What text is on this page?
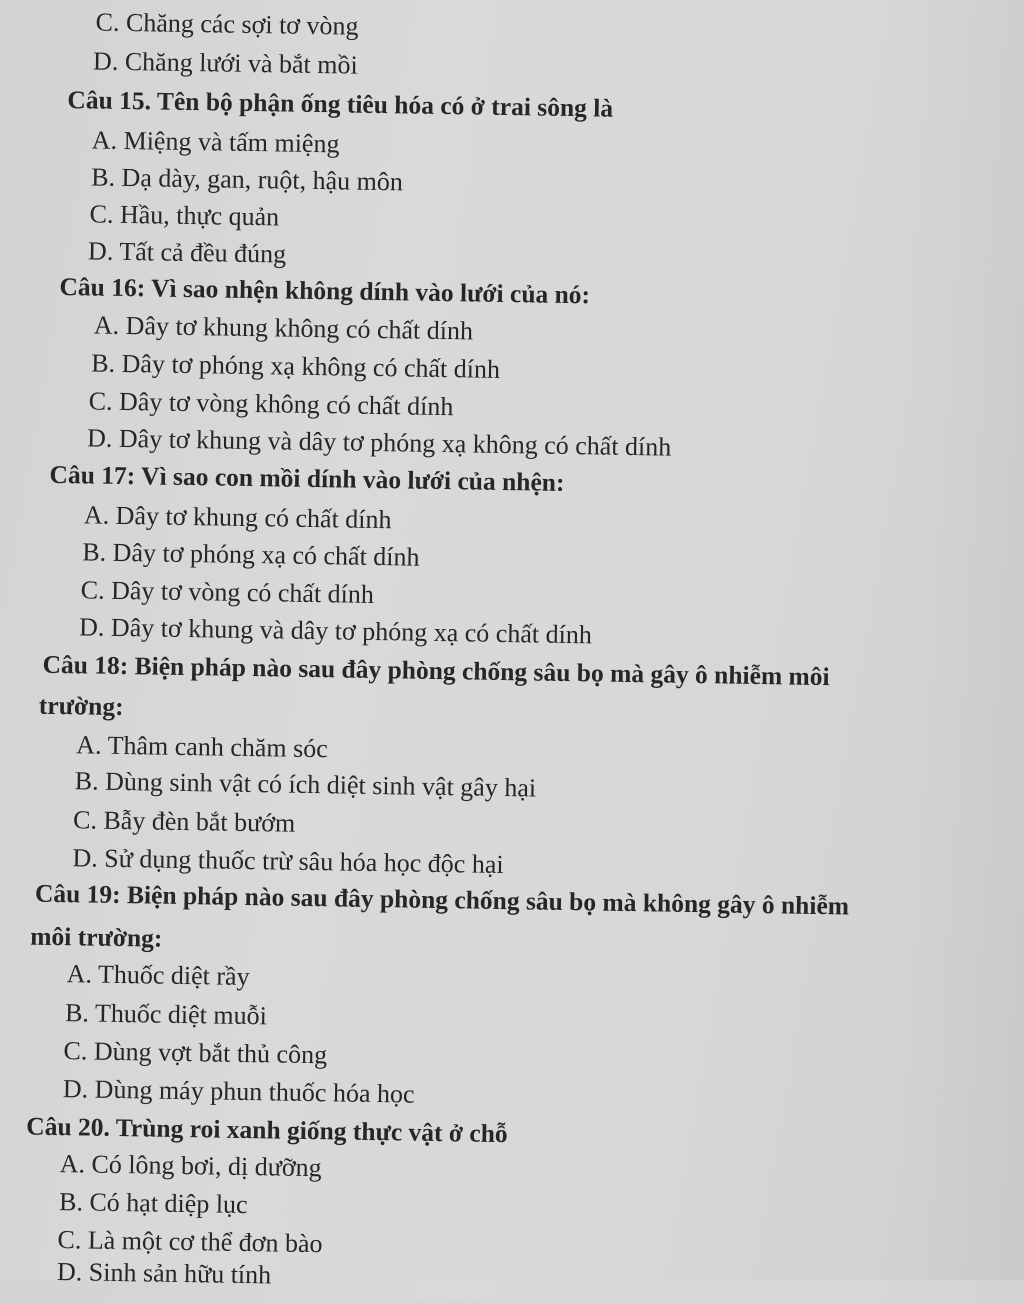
C. Chăng các sợi tơ vòng
D. Chăng lưới và bắt mồi
Câu 15. Tên bộ phận ống tiêu hóa có ở trai sông là
A. Miệng và tấm miệng
B. Dạ dày, gan, ruột, hậu môn
C. Hầu, thực quản
D. Tất cả đều đúng
Câu 16: Vì sao nhện không dính vào lưới của nó:
A. Dây tơ khung không có chất dính
B. Dây tơ phóng xạ không có chất dính
C. Dây tơ vòng không có chất dính
D. Dây tơ khung và dây tơ phóng xạ không có chất dính
Câu 17: Vì sao con mồi dính vào lưới của nhện:
A. Dây tơ khung có chất dính
B. Dây tơ phóng xạ có chất dính
C. Dây tơ vòng có chất dính
D. Dây tơ khung và dây tơ phóng xạ có chất dính
Câu 18: Biện pháp nào sau đây phòng chống sâu bọ mà gây ô nhiễm môi
trường:
A. Thâm canh chăm sóc
B. Dùng sinh vật có ích diệt sinh vật gây hại
C. Bẫy đèn bắt bướm
D. Sử dụng thuốc trừ sâu hóa học độc hại
Câu 19: Biện pháp nào sau đây phòng chống sâu bọ mà không gây ô nhiễm
môi trường:
A. Thuốc diệt rầy
B. Thuốc diệt muỗi
C. Dùng vợt bắt thủ công
D. Dùng máy phun thuốc hóa học
Câu 20. Trùng roi xanh giống thực vật ở chỗ
A. Có lông bơi, dị dưỡng
B. Có hạt diệp lục
C. Là một cơ thể đơn bào
D. Sinh sản hữu tính
